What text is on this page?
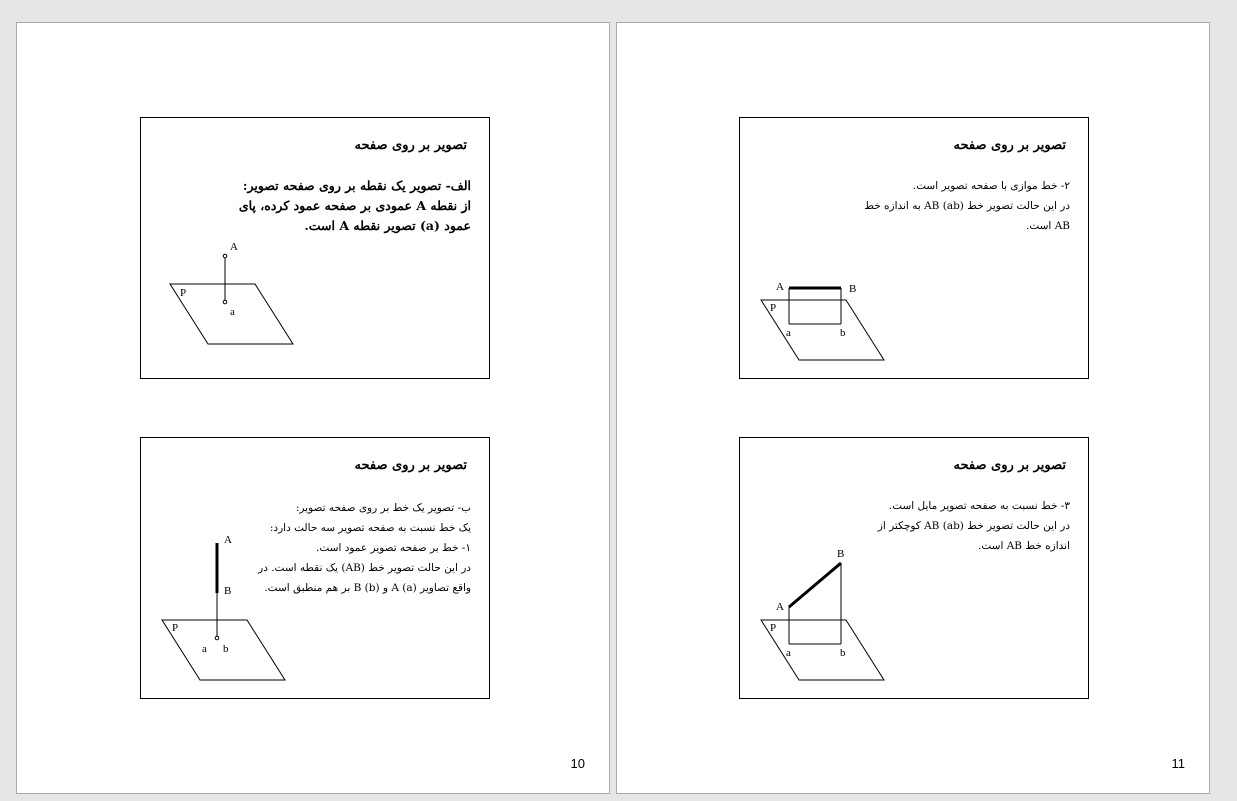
تصویر بر روی صفحه

الف- تصویر یک نقطه بر روی صفحه تصویر:

از نقطه A عمودی بر صفحه عمود کرده، پای

عمود (a) تصویر نقطه A است.

A
a
P
تصویر بر روی صفحه

ب- تصویر یک خط بر روی صفحه تصویر:

یک خط نسبت به صفحه تصویر سه حالت دارد:

۱- خط بر صفحه تصویر عمود است.

در این حالت تصویر خط (AB) یک نقطه است. در

واقع تصاویر A (a) و B (b) بر هم منطبق است.

A
B
a b
P
10
تصویر بر روی صفحه

۲- خط موازی با صفحه تصویر است.

در این حالت تصویر خط AB (ab) به اندازه خط

AB است.

A	B
a	b
P
تصویر بر روی صفحه

۳- خط نسبت به صفحه تصویر مایل است.

در این حالت تصویر خط AB (ab) کوچکتر از

اندازه خط AB است.

A
B
a	b
P
11
